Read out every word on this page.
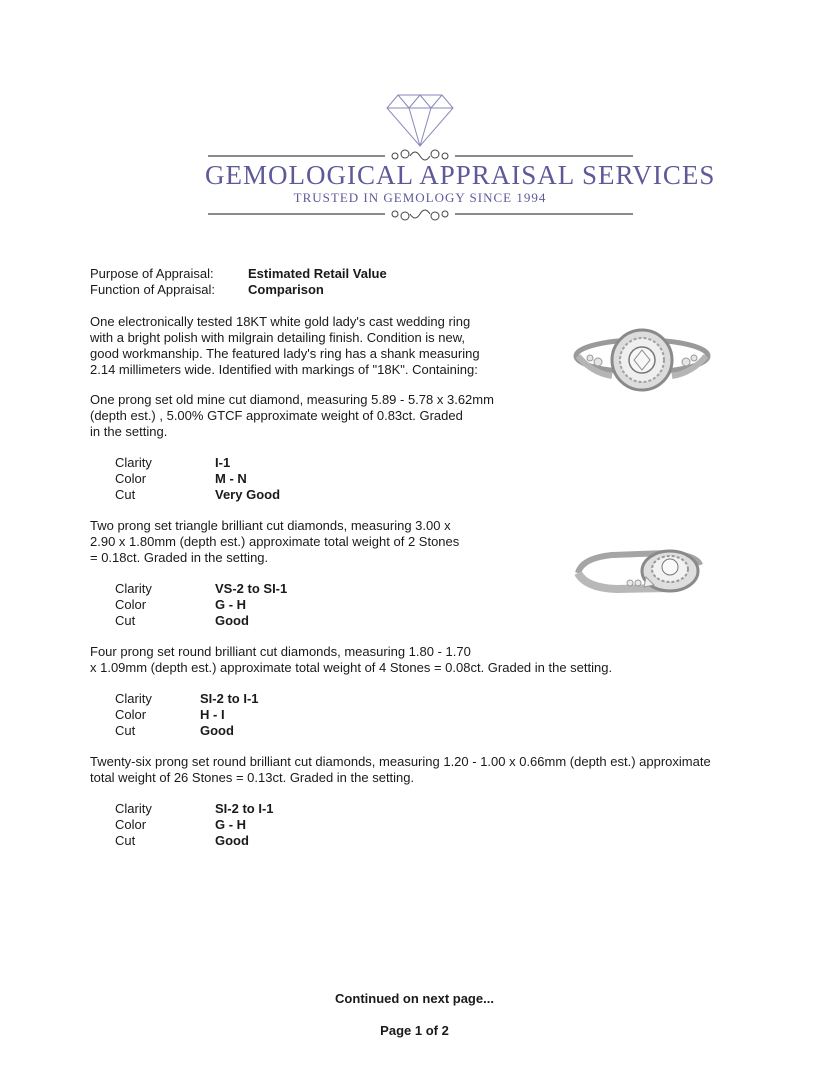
GEMOLOGICAL APPRAISAL SERVICES
TRUSTED IN GEMOLOGY SINCE 1994
Purpose of Appraisal:	Estimated Retail Value
Function of Appraisal:	Comparison
One electronically tested 18KT white gold lady's cast wedding ring
with a bright polish with milgrain detailing finish. Condition is new,
good workmanship. The featured lady's ring has a shank measuring
2.14 millimeters wide. Identified with markings of "18K". Containing:
One prong set old mine cut diamond, measuring 5.89 - 5.78 x 3.62mm
(depth est.) , 5.00% GTCF approximate weight of 0.83ct. Graded
in the setting.
Clarity	I-1
Color	M - N
Cut	Very Good
Two prong set triangle brilliant cut diamonds, measuring 3.00 x
2.90 x 1.80mm (depth est.) approximate total weight of 2 Stones
= 0.18ct. Graded in the setting.
Clarity	VS-2 to SI-1
Color	G - H
Cut	Good
Four prong set round brilliant cut diamonds, measuring 1.80 - 1.70
x 1.09mm (depth est.) approximate total weight of 4 Stones = 0.08ct. Graded in the setting.
Clarity	SI-2 to I-1
Color	H - I
Cut	Good
Twenty-six prong set round brilliant cut diamonds, measuring 1.20 - 1.00 x 0.66mm (depth est.) approximate
total weight of 26 Stones = 0.13ct. Graded in the setting.
Clarity	SI-2 to I-1
Color	G - H
Cut	Good
Continued on next page...
Page 1 of 2
